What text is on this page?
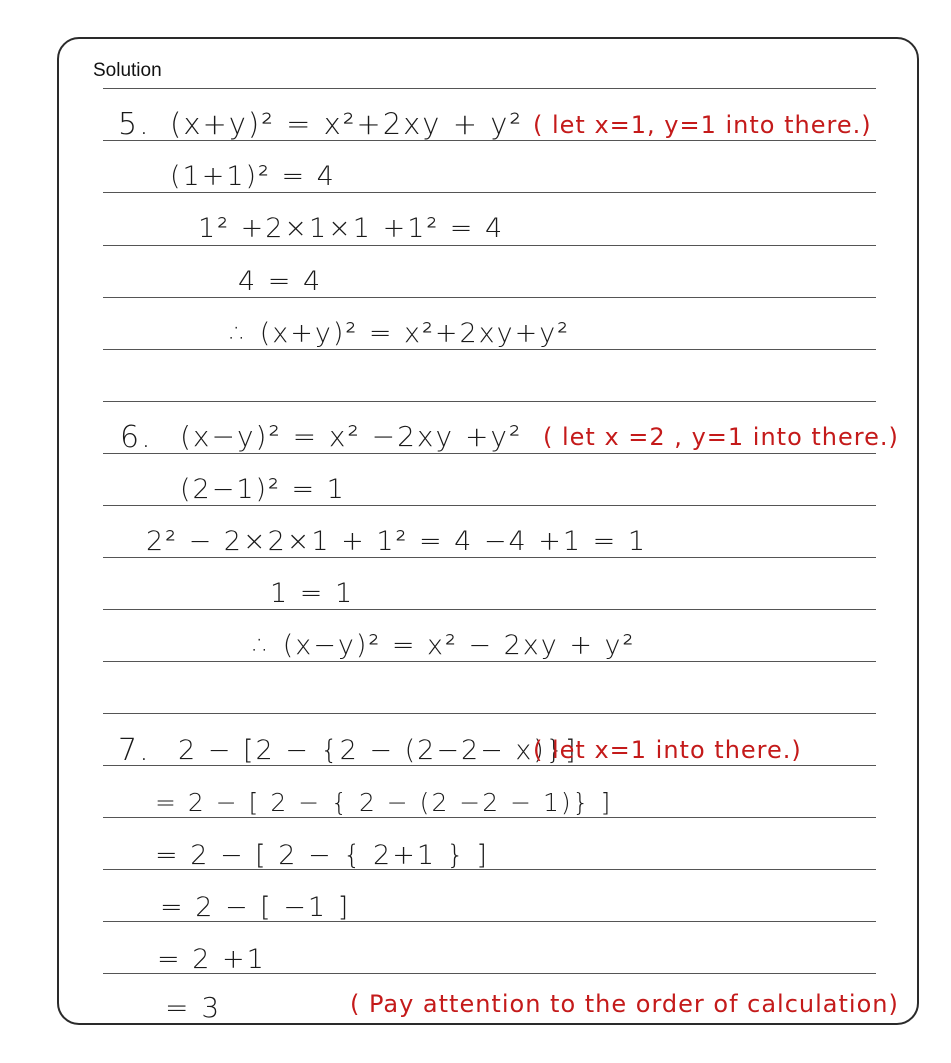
Solution
5. (x+y)² = x²+2xy + y² ( let x=1, y=1 into there.)
(1+1)² = 4
1² +2×1×1 +1² = 4
4 = 4
∴ (x+y)² = x²+2xy+y²
6. (x−y)² = x² −2xy +y² ( let x =2 , y=1 into there.)
(2−1)² = 1
2² − 2×2×1 + 1² = 4 −4 +1 = 1
1 = 1
∴ (x−y)² = x² − 2xy + y²
7. 2 − [2 − {2 − (2−2− x)}]
( let x=1 into there.)
= 2 − [ 2 − { 2 − (2 −2 − 1)} ]
= 2 − [ 2 − { 2+1 } ]
= 2 − [ −1 ]
= 2 +1
= 3	( Pay attention to the order of calculation)
